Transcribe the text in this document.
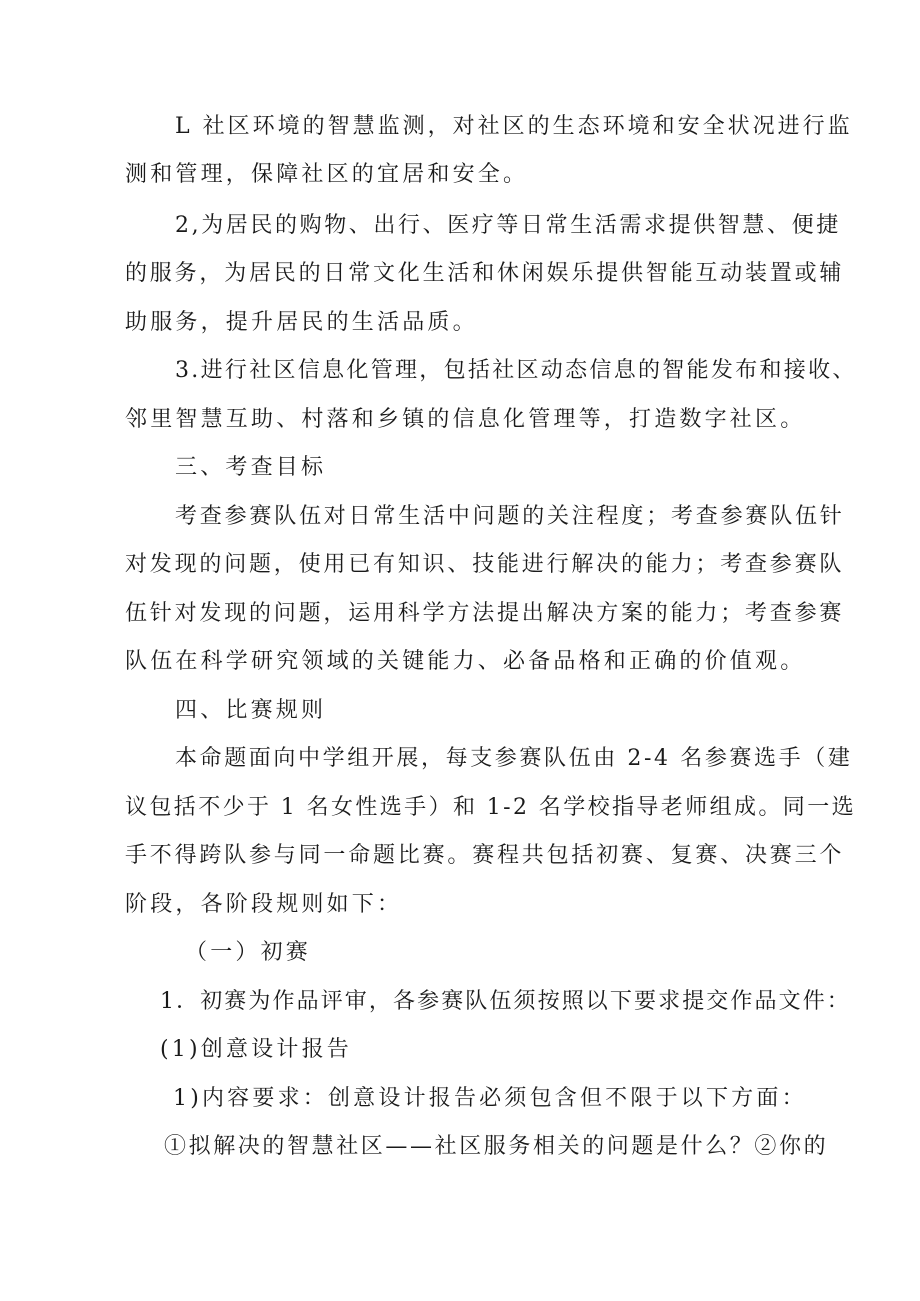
L 社区环境的智慧监测，对社区的生态环境和安全状况进行监
测和管理，保障社区的宜居和安全。
2,为居民的购物、出行、医疗等日常生活需求提供智慧、便捷
的服务，为居民的日常文化生活和休闲娱乐提供智能互动装置或辅
助服务，提升居民的生活品质。
3.进行社区信息化管理，包括社区动态信息的智能发布和接收、
邻里智慧互助、村落和乡镇的信息化管理等，打造数字社区。
三、考查目标
考查参赛队伍对日常生活中问题的关注程度；考查参赛队伍针
对发现的问题，使用已有知识、技能进行解决的能力；考查参赛队
伍针对发现的问题，运用科学方法提出解决方案的能力；考查参赛
队伍在科学研究领域的关键能力、必备品格和正确的价值观。
四、比赛规则
本命题面向中学组开展，每支参赛队伍由 2-4 名参赛选手（建
议包括不少于 1 名女性选手）和 1-2 名学校指导老师组成。同一选
手不得跨队参与同一命题比赛。赛程共包括初赛、复赛、决赛三个
阶段，各阶段规则如下：
（一）初赛
1．初赛为作品评审，各参赛队伍须按照以下要求提交作品文件：
(1)创意设计报告
1)内容要求：创意设计报告必须包含但不限于以下方面：
①拟解决的智慧社区——社区服务相关的问题是什么？②你的
